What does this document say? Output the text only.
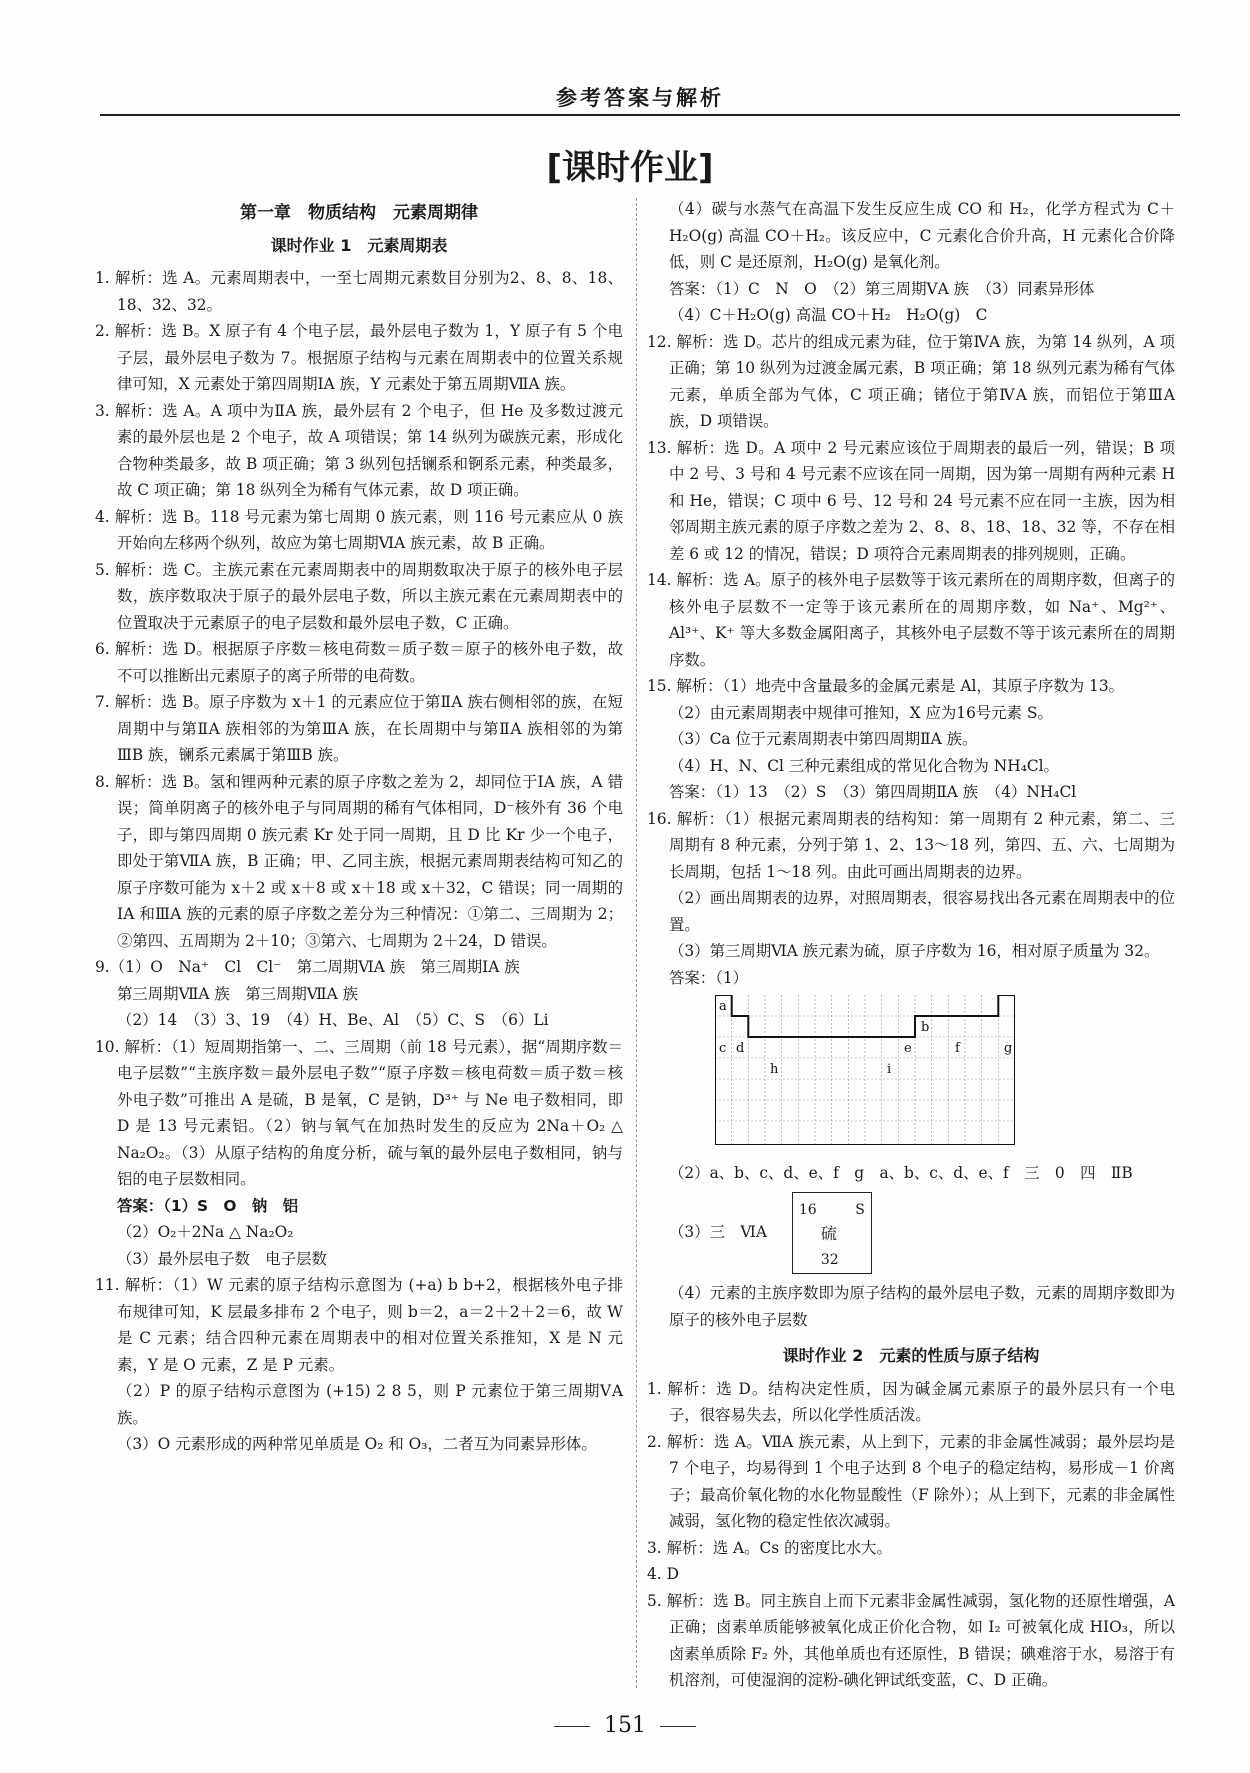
参考答案与解析
[课时作业]
第一章　物质结构　元素周期律
课时作业 1　元素周期表
1. 解析：选 A。元素周期表中，一至七周期元素数目分别为2、8、8、18、18、32、32。
2. 解析：选 B。X 原子有 4 个电子层，最外层电子数为 1，Y 原子有 5 个电子层，最外层电子数为 7。根据原子结构与元素在周期表中的位置关系规律可知，X 元素处于第四周期ⅠA 族，Y 元素处于第五周期ⅦA 族。
3. 解析：选 A。A 项中为ⅡA 族，最外层有 2 个电子，但 He 及多数过渡元素的最外层也是 2 个电子，故 A 项错误；第 14 纵列为碳族元素，形成化合物种类最多，故 B 项正确；第 3 纵列包括镧系和锕系元素，种类最多，故 C 项正确；第 18 纵列全为稀有气体元素，故 D 项正确。
4. 解析：选 B。118 号元素为第七周期 0 族元素，则 116 号元素应从 0 族开始向左移两个纵列，故应为第七周期ⅥA 族元素，故 B 正确。
5. 解析：选 C。主族元素在元素周期表中的周期数取决于原子的核外电子层数，族序数取决于原子的最外层电子数，所以主族元素在元素周期表中的位置取决于元素原子的电子层数和最外层电子数，C 正确。
6. 解析：选 D。根据原子序数＝核电荷数＝质子数＝原子的核外电子数，故不可以推断出元素原子的离子所带的电荷数。
7. 解析：选 B。原子序数为 x＋1 的元素应位于第ⅡA 族右侧相邻的族，在短周期中与第ⅡA 族相邻的为第ⅢA 族，在长周期中与第ⅡA 族相邻的为第ⅢB 族，镧系元素属于第ⅢB 族。
8. 解析：选 B。氢和锂两种元素的原子序数之差为 2，却同位于ⅠA 族，A 错误；简单阴离子的核外电子与同周期的稀有气体相同，D⁻核外有 36 个电子，即与第四周期 0 族元素 Kr 处于同一周期，且 D 比 Kr 少一个电子，即处于第ⅦA 族，B 正确；甲、乙同主族，根据元素周期表结构可知乙的原子序数可能为 x＋2 或 x＋8 或 x＋18 或 x＋32，C 错误；同一周期的ⅠA 和ⅢA 族的元素的原子序数之差分为三种情况：①第二、三周期为 2；②第四、五周期为 2＋10；③第六、七周期为 2＋24，D 错误。
9.（1）O　Na⁺　Cl　Cl⁻　第二周期ⅥA 族　第三周期ⅠA 族
第三周期ⅦA 族　第三周期ⅦA 族
（2）14　（3）3、19　（4）H、Be、Al　（5）C、S　（6）Li
10. 解析：（1）短周期指第一、二、三周期（前 18 号元素），据“周期序数＝电子层数”“主族序数＝最外层电子数”“原子序数＝核电荷数＝质子数＝核外电子数”可推出 A 是硫，B 是氧，C 是钠，D³⁺ 与 Ne 电子数相同，即 D 是 13 号元素铝。（2）钠与氧气在加热时发生的反应为 2Na＋O₂ △ Na₂O₂。（3）从原子结构的角度分析，硫与氧的最外层电子数相同，钠与铝的电子层数相同。
答案：（1）S　O　钠　铝
（2）O₂＋2Na △ Na₂O₂
（3）最外层电子数　电子层数
11. 解析：（1）W 元素的原子结构示意图为 (+a) b b+2，根据核外电子排布规律可知，K 层最多排布 2 个电子，则 b＝2，a＝2＋2＋2＝6，故 W 是 C 元素；结合四种元素在周期表中的相对位置关系推知，X 是 N 元素，Y 是 O 元素，Z 是 P 元素。
（2）P 的原子结构示意图为 (+15) 2 8 5，则 P 元素位于第三周期ⅤA 族。
（3）O 元素形成的两种常见单质是 O₂ 和 O₃，二者互为同素异形体。
（4）碳与水蒸气在高温下发生反应生成 CO 和 H₂，化学方程式为 C＋H₂O(g) 高温 CO＋H₂。该反应中，C 元素化合价升高，H 元素化合价降低，则 C 是还原剂，H₂O(g) 是氧化剂。
答案：（1）C　N　O　（2）第三周期ⅤA 族　（3）同素异形体
（4）C＋H₂O(g) 高温 CO＋H₂　H₂O(g)　C
12. 解析：选 D。芯片的组成元素为硅，位于第ⅣA 族，为第 14 纵列，A 项正确；第 10 纵列为过渡金属元素，B 项正确；第 18 纵列元素为稀有气体元素，单质全部为气体，C 项正确；锗位于第ⅣA 族，而铝位于第ⅢA 族，D 项错误。
13. 解析：选 D。A 项中 2 号元素应该位于周期表的最后一列，错误；B 项中 2 号、3 号和 4 号元素不应该在同一周期，因为第一周期有两种元素 H 和 He，错误；C 项中 6 号、12 号和 24 号元素不应在同一主族，因为相邻周期主族元素的原子序数之差为 2、8、8、18、18、32 等，不存在相差 6 或 12 的情况，错误；D 项符合元素周期表的排列规则，正确。
14. 解析：选 A。原子的核外电子层数等于该元素所在的周期序数，但离子的核外电子层数不一定等于该元素所在的周期序数，如 Na⁺、Mg²⁺、Al³⁺、K⁺ 等大多数金属阳离子，其核外电子层数不等于该元素所在的周期序数。
15. 解析：（1）地壳中含量最多的金属元素是 Al，其原子序数为 13。
（2）由元素周期表中规律可推知，X 应为16号元素 S。
（3）Ca 位于元素周期表中第四周期ⅡA 族。
（4）H、N、Cl 三种元素组成的常见化合物为 NH₄Cl。
答案：（1）13　（2）S　（3）第四周期ⅡA 族　（4）NH₄Cl
16. 解析：（1）根据元素周期表的结构知：第一周期有 2 种元素，第二、三周期有 8 种元素，分列于第 1、2、13～18 列，第四、五、六、七周期为长周期，包括 1～18 列。由此可画出周期表的边界。
（2）画出周期表的边界，对照周期表，很容易找出各元素在周期表中的位置。
（3）第三周期ⅥA 族元素为硫，原子序数为 16，相对原子质量为 32。
答案：（1）
a
b
c d	e	f	g
h	i
（2）a、b、c、d、e、f　g　a、b、c、d、e、f　三　0　四　ⅡB
（3）三　ⅥA
16	S
硫
32
（4）元素的主族序数即为原子结构的最外层电子数，元素的周期序数即为原子的核外电子层数
课时作业 2　元素的性质与原子结构
1. 解析：选 D。结构决定性质，因为碱金属元素原子的最外层只有一个电子，很容易失去，所以化学性质活泼。
2. 解析：选 A。ⅦA 族元素，从上到下，元素的非金属性减弱；最外层均是 7 个电子，均易得到 1 个电子达到 8 个电子的稳定结构，易形成－1 价离子；最高价氧化物的水化物显酸性（F 除外）；从上到下，元素的非金属性减弱，氢化物的稳定性依次减弱。
3. 解析：选 A。Cs 的密度比水大。
4. D
5. 解析：选 B。同主族自上而下元素非金属性减弱，氢化物的还原性增强，A 正确；卤素单质能够被氧化成正价化合物，如 I₂ 可被氧化成 HIO₃，所以卤素单质除 F₂ 外，其他单质也有还原性，B 错误；碘难溶于水，易溶于有机溶剂，可使湿润的淀粉-碘化钾试纸变蓝，C、D 正确。
151
